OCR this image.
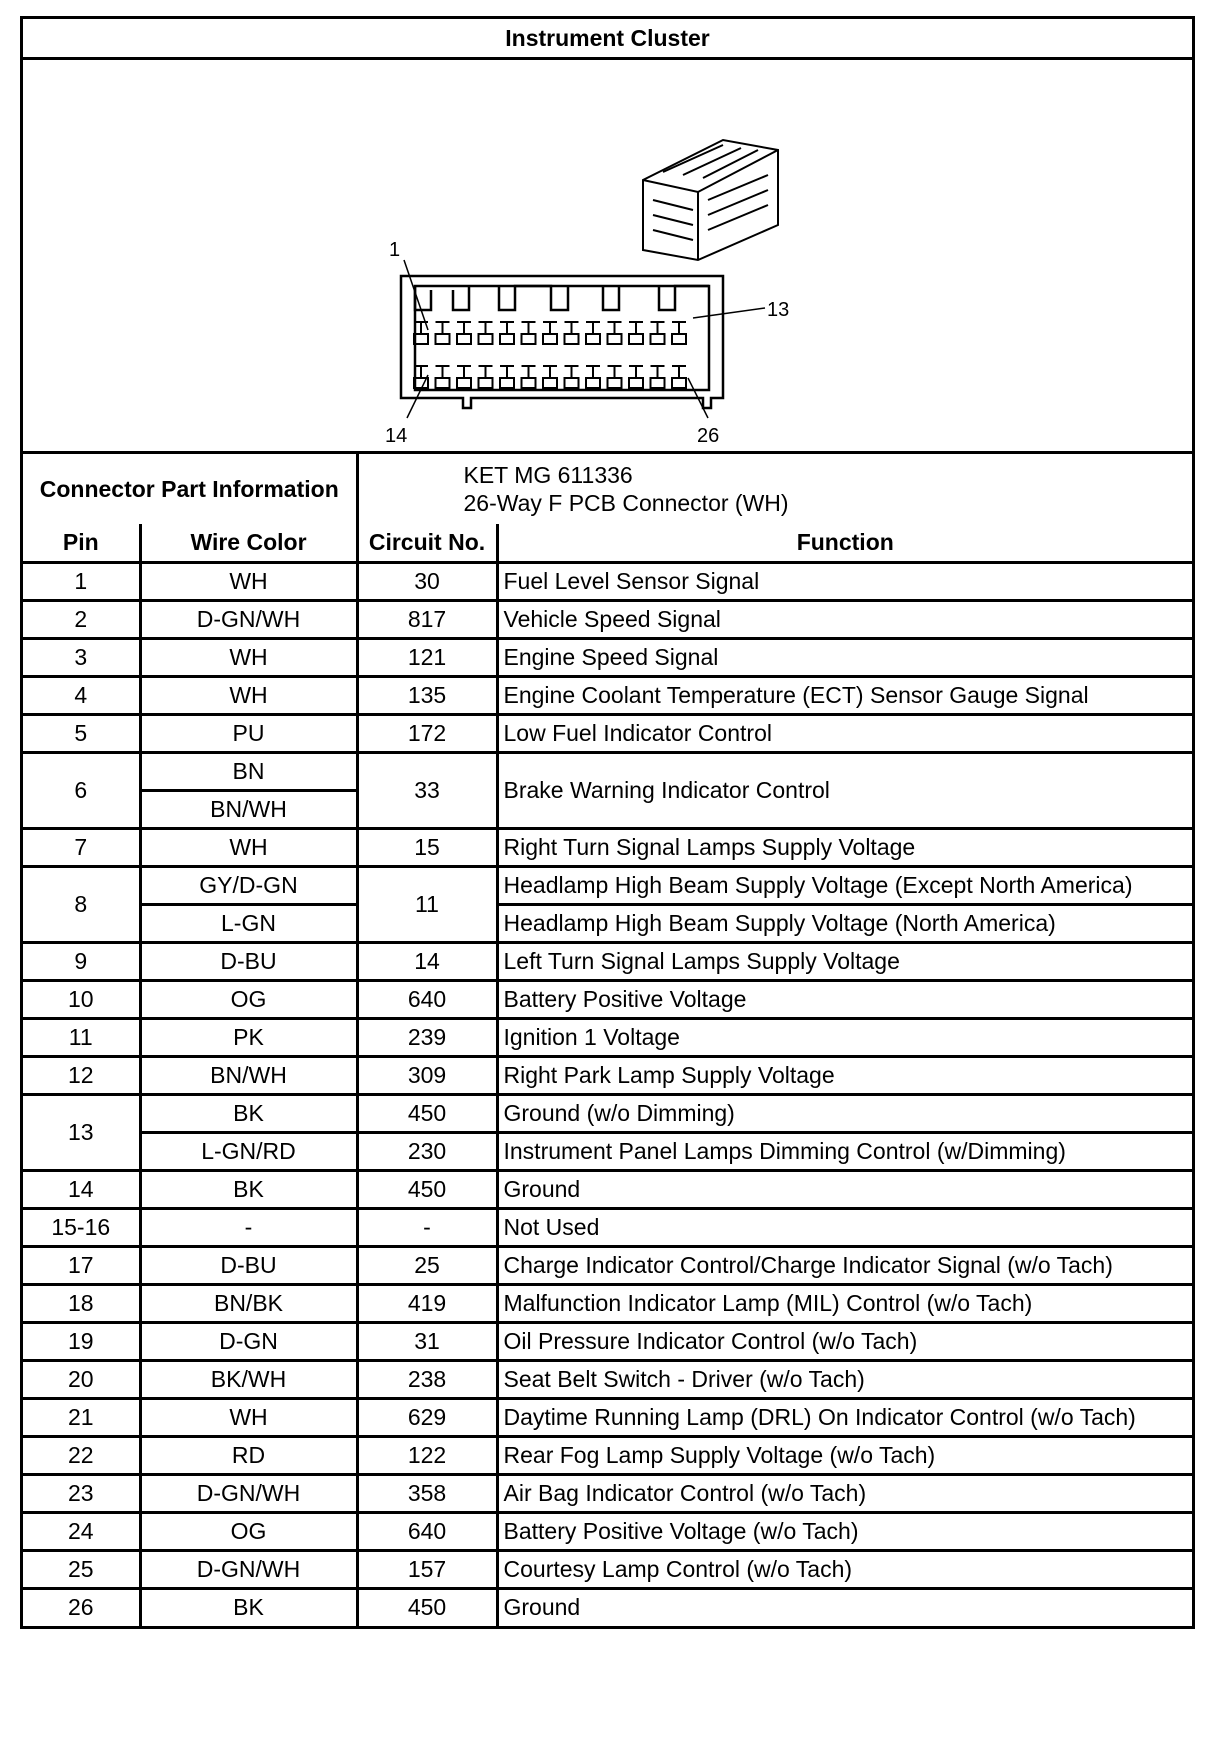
Instrument Cluster
1
13
14	26
Connector Part Information	
KET MG 611336
26-Way F PCB Connector (WH)
Pin	Wire Color	Circuit No.	Function
1	WH	30	Fuel Level Sensor Signal
2	D-GN/WH	817	Vehicle Speed Signal
3	WH	121	Engine Speed Signal
4	WH	135	Engine Coolant Temperature (ECT) Sensor Gauge Signal
5	PU	172	Low Fuel Indicator Control
6	BN	33	Brake Warning Indicator Control
	BN/WH		
7	WH	15	Right Turn Signal Lamps Supply Voltage
8	GY/D-GN	11	Headlamp High Beam Supply Voltage (Except North America)
	L-GN		Headlamp High Beam Supply Voltage (North America)
9	D-BU	14	Left Turn Signal Lamps Supply Voltage
10	OG	640	Battery Positive Voltage
11	PK	239	Ignition 1 Voltage
12	BN/WH	309	Right Park Lamp Supply Voltage
13	BK	450	Ground (w/o Dimming)
	L-GN/RD	230	Instrument Panel Lamps Dimming Control (w/Dimming)
14	BK	450	Ground
15-16	-	-	Not Used
17	D-BU	25	Charge Indicator Control/Charge Indicator Signal (w/o Tach)
18	BN/BK	419	Malfunction Indicator Lamp (MIL) Control (w/o Tach)
19	D-GN	31	Oil Pressure Indicator Control (w/o Tach)
20	BK/WH	238	Seat Belt Switch - Driver (w/o Tach)
21	WH	629	Daytime Running Lamp (DRL) On Indicator Control (w/o Tach)
22	RD	122	Rear Fog Lamp Supply Voltage (w/o Tach)
23	D-GN/WH	358	Air Bag Indicator Control (w/o Tach)
24	OG	640	Battery Positive Voltage (w/o Tach)
25	D-GN/WH	157	Courtesy Lamp Control (w/o Tach)
26	BK	450	Ground
